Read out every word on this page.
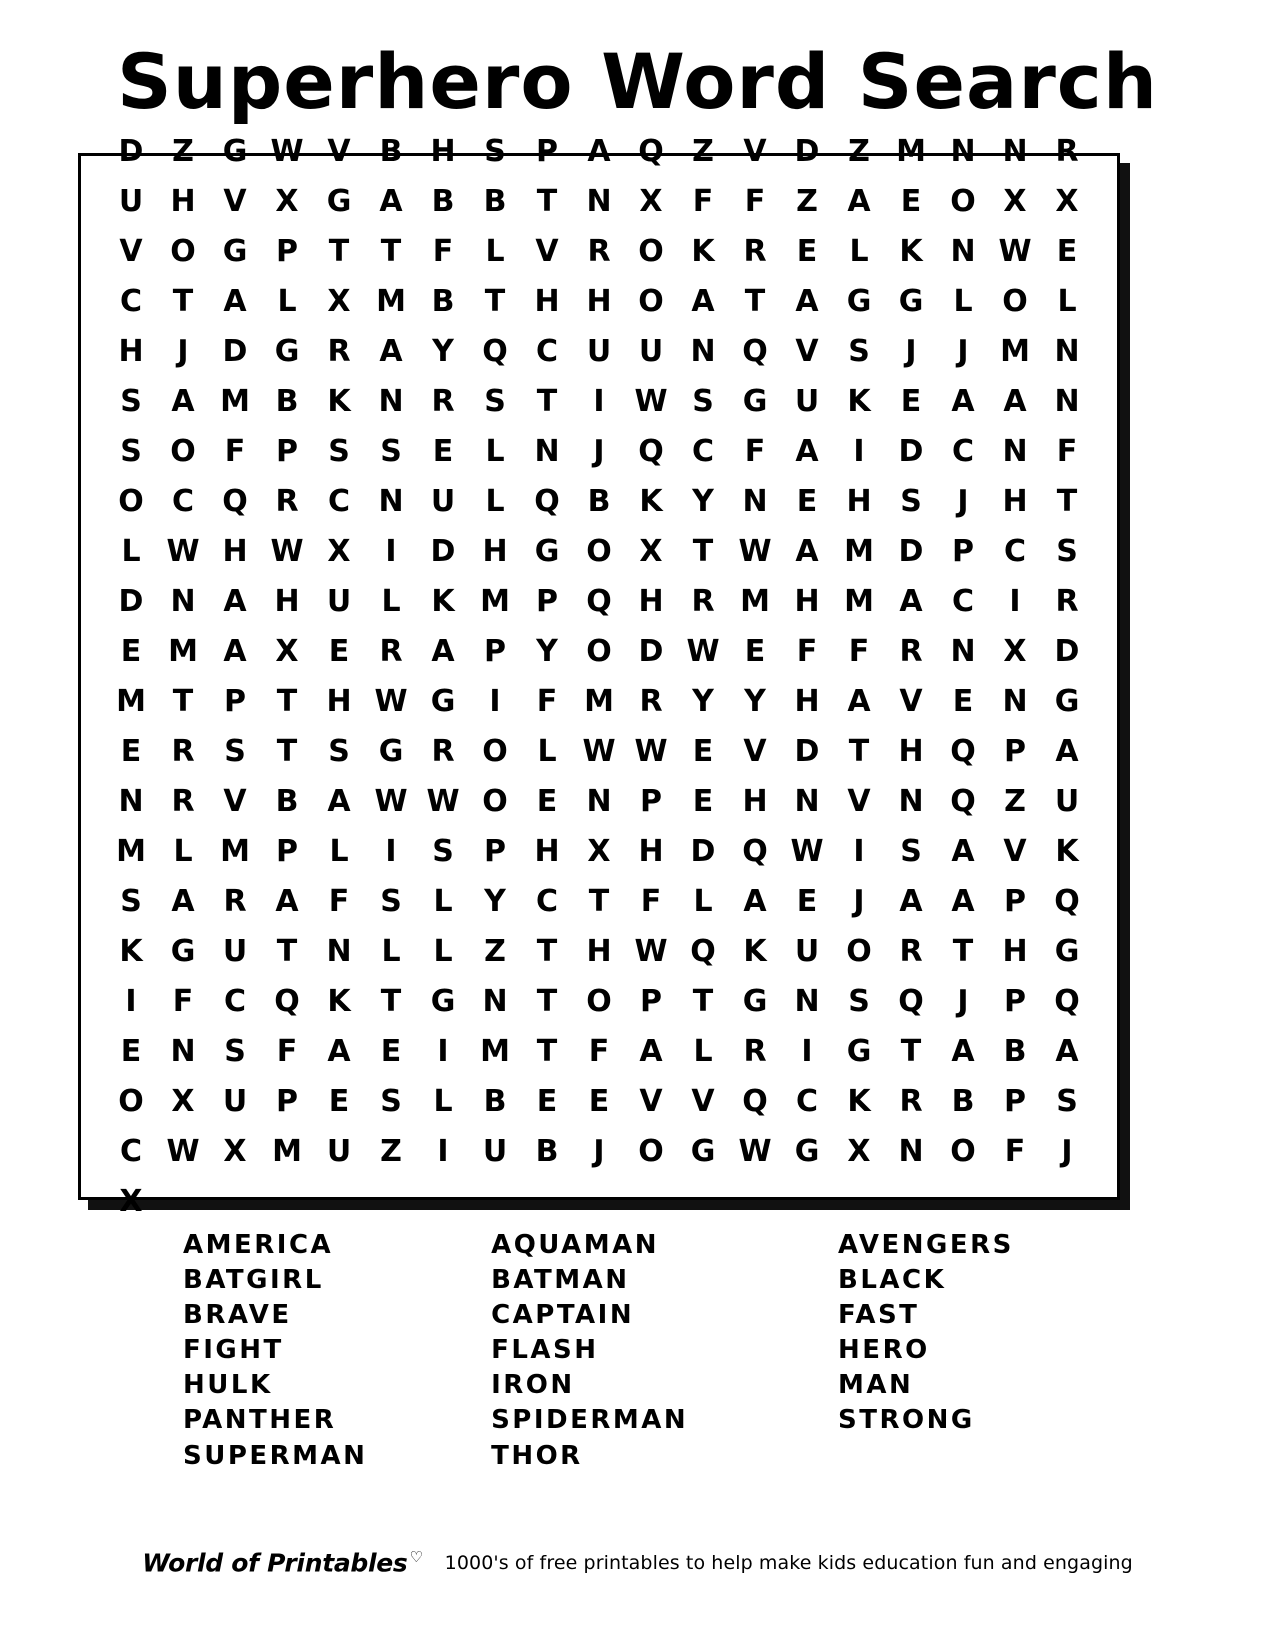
Superhero Word Search
D Z G W V B H S	P A Q Z V D Z M N N R
U H V X G A B B	T N X	F	F	Z A	E O X X
V O G P	T	T	F	L	V R O K R	E	L	K N W E
C	T	A	L	X M B	T H H O A	T	A G G	L O L
H	J	D G R A Y Q C U U N Q V S	J	J	M N
S A M B K N R S	T	I W S G U K	E	A A N
S O F	P	S	S	E	L N	J	Q C	F	A	I	D C N F
O C Q R C N U	L Q B K Y N E H S	J	H T
L W H W X	I	D H G O X	T W A M D P C	S
D N A H U	L	K M P Q H R M H M A C	I	R
E M A X	E	R A P	Y O D W E	F	F	R N X D
M T	P	T H W G	I	F M R Y	Y H A V	E N G
E	R S	T	S G R O L W W E	V D T H Q P A
N R V B A W W O E N P	E H N V N Q Z U
M L M P	L	I	S	P H X H D Q W I	S A V K
S A R A	F	S	L	Y	C	T	F	L	A	E	J	A A P Q
K G U T N L	L	Z	T H W Q K U O R	T H G
I	F	C Q K	T G N T O P	T G N S Q	J	P Q
E N S	F	A	E	I	M T	F	A	L	R	I	G T	A B A
O X U P	E	S	L	B	E	E	V V Q C K R B P	S
C W X M U Z	I	U B	J	O G W G X N O F	J
X
AMERICA
BATGIRL
BRAVE
FIGHT
HULK
PANTHER
SUPERMAN
AQUAMAN
BATMAN
CAPTAIN
FLASH
IRON
SPIDERMAN
THOR
AVENGERS
BLACK
FAST
HERO
MAN
STRONG
World of Printables ♡ 1000's of free printables to help make kids education fun and engaging
